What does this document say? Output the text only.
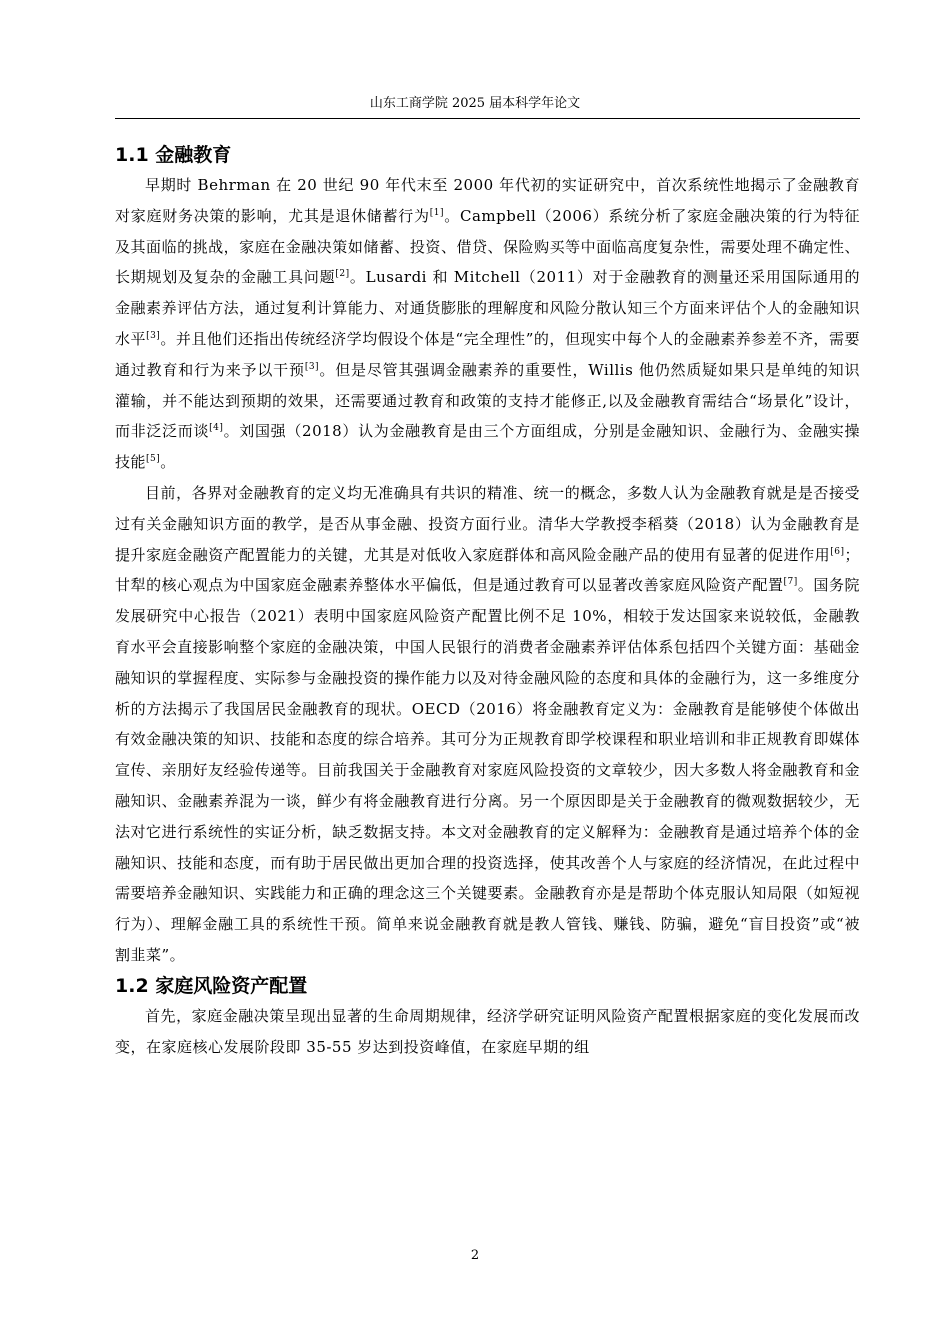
山东工商学院 2025 届本科学年论文
1.1 金融教育

早期时 Behrman 在 20 世纪 90 年代末至 2000 年代初的实证研究中，首次系统性地揭示了金融教育对家庭财务决策的影响，尤其是退休储蓄行为[1]。Campbell（2006）系统分析了家庭金融决策的行为特征及其面临的挑战，家庭在金融决策如储蓄、投资、借贷、保险购买等中面临高度复杂性，需要处理不确定性、长期规划及复杂的金融工具问题[2]。Lusardi 和 Mitchell（2011）对于金融教育的测量还采用国际通用的金融素养评估方法，通过复利计算能力、对通货膨胀的理解度和风险分散认知三个方面来评估个人的金融知识水平[3]。并且他们还指出传统经济学均假设个体是“完全理性”的，但现实中每个人的金融素养参差不齐，需要通过教育和行为来予以干预[3]。但是尽管其强调金融素养的重要性，Willis 他仍然质疑如果只是单纯的知识灌输，并不能达到预期的效果，还需要通过教育和政策的支持才能修正,以及金融教育需结合“场景化”设计，而非泛泛而谈[4]。刘国强（2018）认为金融教育是由三个方面组成，分别是金融知识、金融行为、金融实操技能[5]。

目前，各界对金融教育的定义均无准确具有共识的精准、统一的概念，多数人认为金融教育就是是否接受过有关金融知识方面的教学，是否从事金融、投资方面行业。清华大学教授李稻葵（2018）认为金融教育是提升家庭金融资产配置能力的关键，尤其是对低收入家庭群体和高风险金融产品的使用有显著的促进作用[6]；甘犁的核心观点为中国家庭金融素养整体水平偏低，但是通过教育可以显著改善家庭风险资产配置[7]。国务院发展研究中心报告（2021）表明中国家庭风险资产配置比例不足 10%，相较于发达国家来说较低，金融教育水平会直接影响整个家庭的金融决策，中国人民银行的消费者金融素养评估体系包括四个关键方面：基础金融知识的掌握程度、实际参与金融投资的操作能力以及对待金融风险的态度和具体的金融行为，这一多维度分析的方法揭示了我国居民金融教育的现状。OECD（2016）将金融教育定义为：金融教育是能够使个体做出有效金融决策的知识、技能和态度的综合培养。其可分为正规教育即学校课程和职业培训和非正规教育即媒体宣传、亲朋好友经验传递等。目前我国关于金融教育对家庭风险投资的文章较少，因大多数人将金融教育和金融知识、金融素养混为一谈，鲜少有将金融教育进行分离。另一个原因即是关于金融教育的微观数据较少，无法对它进行系统性的实证分析，缺乏数据支持。本文对金融教育的定义解释为：金融教育是通过培养个体的金融知识、技能和态度，而有助于居民做出更加合理的投资选择，使其改善个人与家庭的经济情况，在此过程中需要培养金融知识、实践能力和正确的理念这三个关键要素。金融教育亦是是帮助个体克服认知局限（如短视行为）、理解金融工具的系统性干预。简单来说金融教育就是教人管钱、赚钱、防骗，避免“盲目投资”或“被割韭菜”。

1.2 家庭风险资产配置

首先，家庭金融决策呈现出显著的生命周期规律，经济学研究证明风险资产配置根据家庭的变化发展而改变，在家庭核心发展阶段即 35-55 岁达到投资峰值，在家庭早期的组

2
